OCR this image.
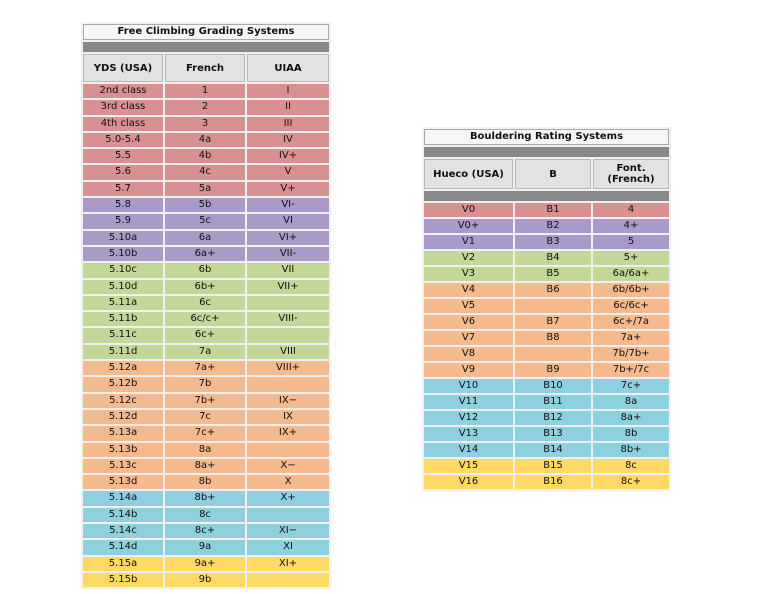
Free Climbing Grading Systems		

YDS (USA)	French	UIAA
2nd class	1	I
3rd class	2	II
4th class	3	III
5.0-5.4	4a	IV
5.5	4b	IV+
5.6	4c	V
5.7	5a	V+
5.8	5b	VI-
5.9	5c	VI
5.10a	6a	VI+
5.10b	6a+	VII-
5.10c	6b	VII
5.10d	6b+	VII+
5.11a	6c	
5.11b	6c/c+	VIII-
5.11c	6c+	
5.11d	7a	VIII
5.12a	7a+	VIII+
5.12b	7b	
5.12c	7b+	IX−
5.12d	7c	IX
5.13a	7c+	IX+
5.13b	8a	
5.13c	8a+	X−
5.13d	8b	X
5.14a	8b+	X+
5.14b	8c	
5.14c	8c+	XI−
5.14d	9a	XI
5.15a	9a+	XI+
5.15b	9b	
Bouldering Rating Systems		

Hueco (USA)	B	Font. (French)

V0	B1	4
V0+	B2	4+
V1	B3	5
V2	B4	5+
V3	B5	6a/6a+
V4	B6	6b/6b+
V5		6c/6c+
V6	B7	6c+/7a
V7	B8	7a+
V8		7b/7b+
V9	B9	7b+/7c
V10	B10	7c+
V11	B11	8a
V12	B12	8a+
V13	B13	8b
V14	B14	8b+
V15	B15	8c
V16	B16	8c+
